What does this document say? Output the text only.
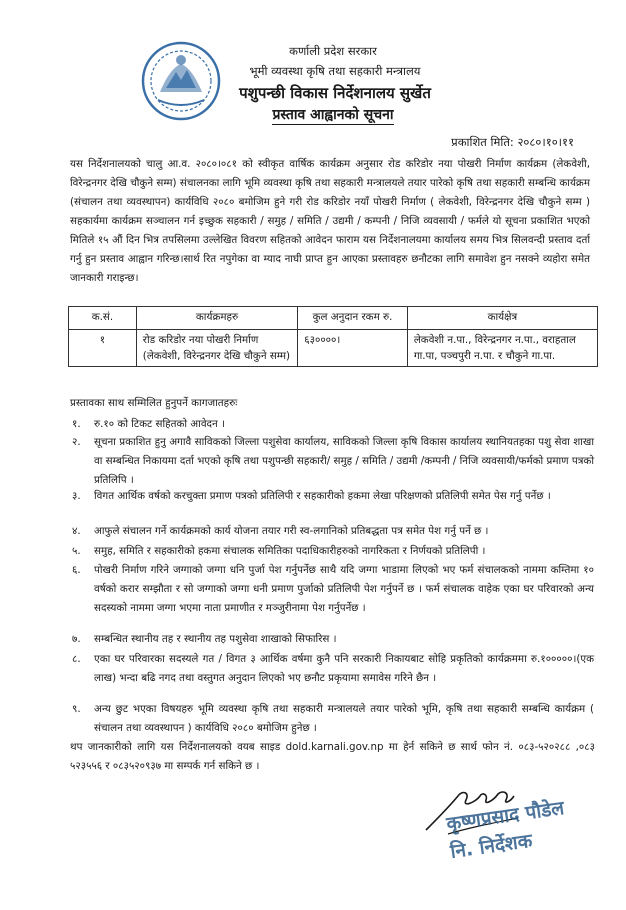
कर्णाली प्रदेश सरकार
भूमी व्यवस्था कृषि तथा सहकारी मन्त्रालय
पशुपन्छी विकास निर्देशनालय सुर्खेत
प्रस्ताव आह्वानको सूचना
प्रकाशित मिति: २०८०।१०।११
यस निर्देशनालयको चालु आ.व. २०८०।०८१ को स्वीकृत वार्षिक कार्यक्रम अनुसार रोड करिडोर नया पोखरी निर्माण कार्यक्रम (लेकवेशी, विरेन्द्रनगर देखि चौकुने सम्म) संचालनका लागि भूमि व्यवस्था कृषि तथा सहकारी मन्त्रालयले तयार पारेको कृषि तथा सहकारी सम्बन्धि कार्यक्रम (संचालन तथा व्यवस्थापन) कार्यविधि २०८० बमोजिम हुने गरी रोड करिडोर नयाँ पोखरी निर्माण ( लेकवेशी, विरेन्द्रनगर देखि चौकुने सम्म ) सहकार्यमा कार्यक्रम सञ्चालन गर्न इच्छुक सहकारी / समुह / समिति / उद्यमी / कम्पनी / निजि व्यवसायी / फर्मले यो सूचना प्रकाशित भएको मितिले १५ औं दिन भित्र तपसिलमा उल्लेखित विवरण सहितको आवेदन फाराम यस निर्देशनालयमा कार्यालय समय भित्र सिलवन्दी प्रस्ताव दर्ता गर्नु हुन प्रस्ताव आह्वान गरिन्छ।सार्थ रित नपुगेका वा म्याद नाघी प्राप्त हुन आएका प्रस्तावहरु छनौटका लागि समावेश हुन नसक्ने व्यहोरा समेत जानकारी गराइन्छ।
क.सं.	कार्यक्रमहरु	कुल अनुदान रकम रु.	कार्यक्षेत्र
१	रोड करिडोर नया पोखरी निर्माण (लेकवेशी, विरेन्द्रनगर देखि चौकुने सम्म)	६३००००।	लेकवेशी न.पा., विरेन्द्रनगर न.पा., वराहताल गा.पा, पञ्चपुरी न.पा. र चौकुने गा.पा.
प्रस्तावका साथ सम्मिलित हुनुपर्ने कागजातहरुः
१. रु.१० को टिकट सहितको आवेदन ।
२. सूचना प्रकाशित हुनु अगावै साविकको जिल्ला पशुसेवा कार्यालय, साविकको जिल्ला कृषि विकास कार्यालय स्थानियतहका पशु सेवा शाखा वा सम्बन्धित निकायमा दर्ता भएको कृषि तथा पशुपन्छी सहकारी/ समुह / समिति / उद्यमी /कम्पनी / निजि व्यवसायी/फर्मको प्रमाण पत्रको प्रतिलिपि ।
३. विगत आर्थिक वर्षको करचुक्ता प्रमाण पत्रको प्रतिलिपी र सहकारीको हकमा लेखा परिक्षणको प्रतिलिपी समेत पेस गर्नु पर्नेछ ।
४. आफुले संचालन गर्ने कार्यक्रमको कार्य योजना तयार गरी स्व-लगानिको प्रतिबद्धता पत्र समेत पेश गर्नु पर्ने छ ।
५. समुह, समिति र सहकारीको हकमा संचालक समितिका पदाधिकारीहरुको नागरिकता र निर्णयको प्रतिलिपी ।
६. पोखरी निर्माण गरिने जग्गाको जग्गा धनि पुर्जा पेश गर्नुपर्नेछ साथै यदि जग्गा भाडामा लिएको भए फर्म संचालकको नाममा कम्तिमा १० वर्षको करार सम्झौता र सो जग्गाको जग्गा धनी प्रमाण पुर्जाको प्रतिलिपी पेश गर्नुपर्ने छ । फर्म संचालक वाहेक एका घर परिवारको अन्य सदस्यको नाममा जग्गा भएमा नाता प्रमाणीत र मञ्जुरीनामा पेश गर्नुपर्नेछ ।
७. सम्बन्धित स्थानीय तह र स्थानीय तह पशुसेवा शाखाको सिफारिस ।
८. एका घर परिवारका सदस्यले गत / विगत ३ आर्थिक वर्षमा कुनै पनि सरकारी निकायबाट सोहि प्रकृतिको कार्यक्रममा रु.१०००००।(एक लाख) भन्दा बढि नगद तथा वस्तुगत अनुदान लिएको भए छनौट प्रकृयामा समावेस गरिने छैन ।
९. अन्य छुट भएका विषयहरु भूमि व्यवस्था कृषि तथा सहकारी मन्त्रालयले तयार पारेको भूमि, कृषि तथा सहकारी सम्बन्धि कार्यक्रम ( संचालन तथा व्यवस्थापन ) कार्यविधि २०८० बमोजिम हुनेछ ।
थप जानकारीको लागि यस निर्देशनालयको वयब साइड dold.karnali.gov.np मा हेर्न सकिने छ सार्थ फोन नं. ०८३-५२०२८८ ,०८३ ५२३५५६ र ०८३५२०९३७ मा सम्पर्क गर्न सकिने छ ।
कृष्णप्रसाद पौडेल
नि. निर्देशक
